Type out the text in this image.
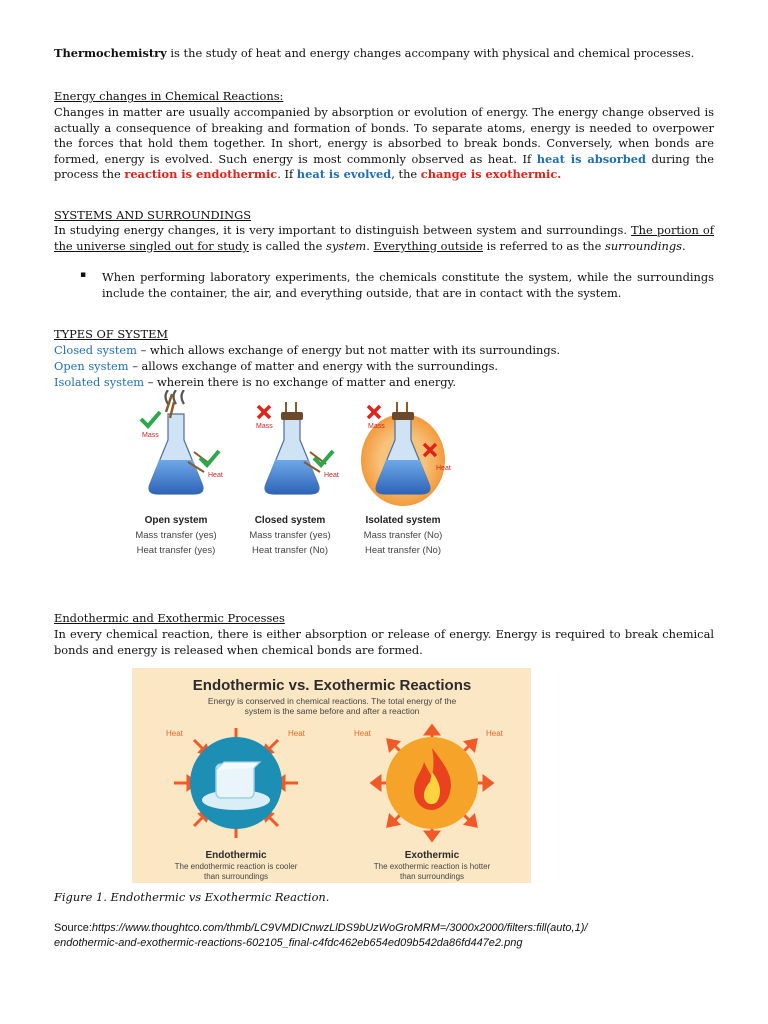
Thermochemistry is the study of heat and energy changes accompany with physical and chemical processes.

Energy changes in Chemical Reactions:

Changes in matter are usually accompanied by absorption or evolution of energy. The energy change observed is actually a consequence of breaking and formation of bonds. To separate atoms, energy is needed to overpower the forces that hold them together. In short, energy is absorbed to break bonds. Conversely, when bonds are formed, energy is evolved. Such energy is most commonly observed as heat. If heat is absorbed during the process the reaction is endothermic. If heat is evolved, the change is exothermic.

SYSTEMS AND SURROUNDINGS

In studying energy changes, it is very important to distinguish between system and surroundings. The portion of the universe singled out for study is called the system. Everything outside is referred to as the surroundings.

▪ When performing laboratory experiments, the chemicals constitute the system, while the surroundings include the container, the air, and everything outside, that are in contact with the system.

TYPES OF SYSTEM

Closed system – which allows exchange of energy but not matter with its surroundings.

Open system – allows exchange of matter and energy with the surroundings.

Isolated system – wherein there is no exchange of matter and energy.

Mass
Heat
Open system
Mass transfer (yes)
Heat transfer (yes)
Mass
Heat
Closed system
Mass transfer (yes)
Heat transfer (No)
Mass
Heat
Isolated system
Mass transfer (No)
Heat transfer (No)

Endothermic and Exothermic Processes

In every chemical reaction, there is either absorption or release of energy. Energy is required to break chemical bonds and energy is released when chemical bonds are formed.

Endothermic vs. Exothermic Reactions
Energy is conserved in chemical reactions. The total energy of the
system is the same before and after a reaction
Heat	Heat
Endothermic
The endothermic reaction is cooler
than surroundings
Heat	Heat
Exothermic
The exothermic reaction is hotter
than surroundings
Figure 1. Endothermic vs Exothermic Reaction.
Source:https://www.thoughtco.com/thmb/LC9VMDICnwzLlDS9bUzWoGroMRM=/3000x2000/filters:fill(auto,1)/
endothermic-and-exothermic-reactions-602105_final-c4fdc462eb654ed09b542da86fd447e2.png
